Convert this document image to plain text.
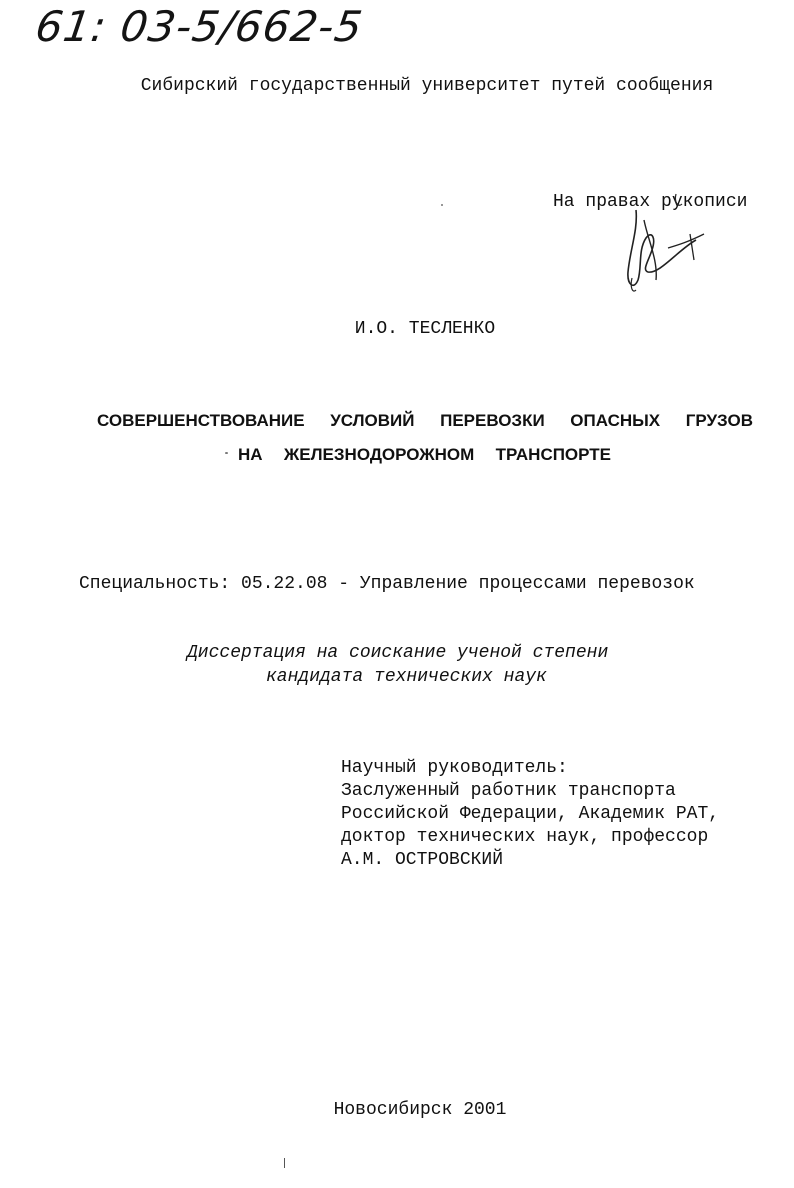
61: 03-5/662-5
Сибирский государственный университет путей сообщения
На правах рукописи
И.О. ТЕСЛЕНКО
СОВЕРШЕНСТВОВАНИЕ УСЛОВИЙ ПЕРЕВОЗКИ ОПАСНЫХ ГРУЗОВ
НА ЖЕЛЕЗНОДОРОЖНОМ ТРАНСПОРТЕ
Специальность: 05.22.08 - Управление процессами перевозок
Диссертация на соискание ученой степени
кандидата технических наук
Научный руководитель:
Заслуженный работник транспорта
Российской Федерации, Академик РАТ,
доктор технических наук, профессор
А.М. ОСТРОВСКИЙ
Новосибирск 2001
